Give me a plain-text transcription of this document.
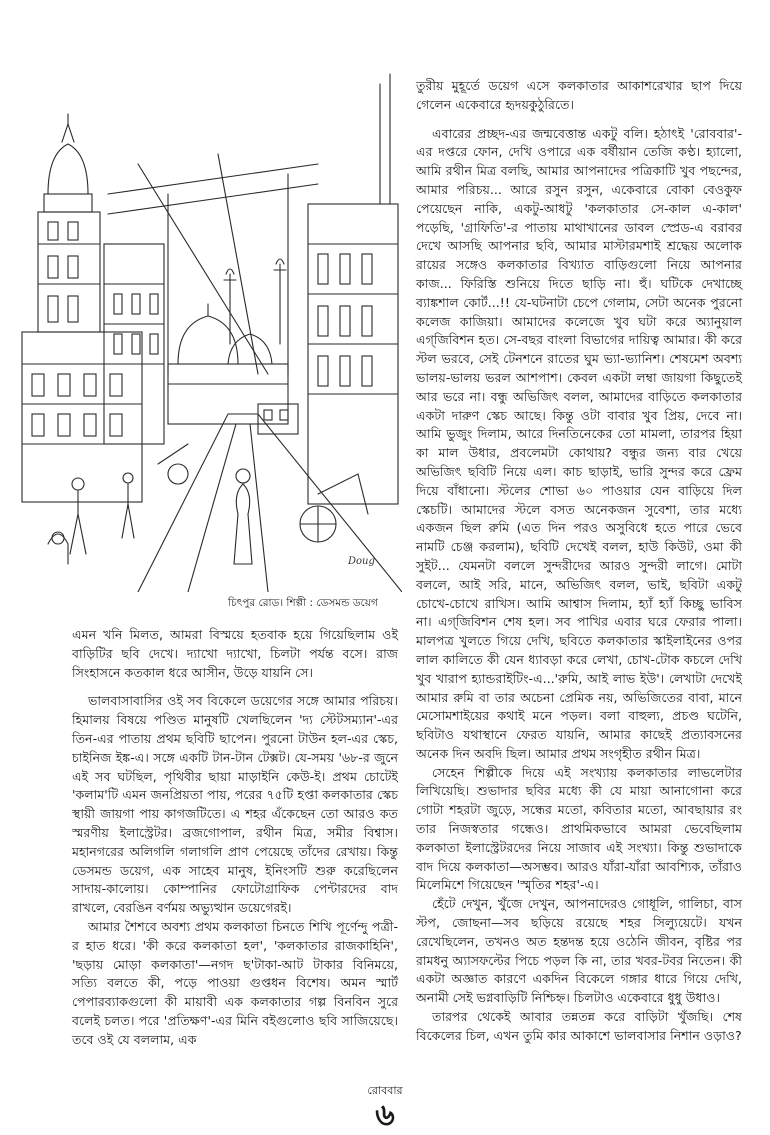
Doug
চিৎপুর রোড। শিল্পী : ডেসমন্ড ডয়েগ

এমন খনি মিলত, আমরা বিস্ময়ে হতবাক হয়ে গিয়েছিলাম ওই বাড়িটির ছবি দেখে। দ্যাখো দ্যাখো, চিলটা পর্যন্ত বসে। রাজ সিংহাসনে কতকাল ধরে আসীন, উড়ে যায়নি সে।

ভালবাসাবাসির ওই সব বিকেলে ডয়েগের সঙ্গে আমার পরিচয়। হিমালয় বিষয়ে পণ্ডিত মানুষটি খেলছিলেন 'দ্য স্টেটসম্যান'-এর তিন-এর পাতায় প্রথম ছবিটি ছাপেন। পুরনো টাউন হল-এর স্কেচ, চাইনিজ ইঙ্ক-এ। সঙ্গে একটি টান-টান টেক্সট। যে-সময় '৬৮-র জুনে এই সব ঘটছিল, পৃথিবীর ছায়া মাড়াইনি কেউ-ই। প্রথম চোটেই 'কলাম'টি এমন জনপ্রিয়তা পায়, পরের ৭৫টি হপ্তা কলকাতার স্কেচ স্থায়ী জায়গা পায় কাগজটিতে। এ শহর এঁকেছেন তো আরও কত স্মরণীয় ইলাস্ট্রেটর। ব্রজগোপাল, রথীন মিত্র, সমীর বিশ্বাস। মহানগরের অলিগলি গলাগলি প্রাণ পেয়েছে তাঁদের রেখায়। কিন্তু ডেসমন্ড ডয়েগ, এক সাহেব মানুষ, ইনিংসটি শুরু করেছিলেন সাদায়-কালোয়। কোম্পানির ফোটোগ্রাফিক পেন্টারদের বাদ রাখলে, বেরঙিন বর্ণময় অভ্যুত্থান ডয়েগেরই।

আমার শৈশবে অবশ্য প্রথম কলকাতা চিনতে শিখি পূর্ণেন্দু পত্রী-র হাত ধরে। 'কী করে কলকাতা হল', 'কলকাতার রাজকাহিনি', 'ছড়ায় মোড়া কলকাতা'—নগদ ছ'টাকা-আট টাকার বিনিময়ে, সত্যি বলতে কী, পড়ে পাওয়া গুপ্তধন বিশেষ। অমন স্মার্ট পেপারব্যাকগুলো কী মায়াবী এক কলকাতার গল্প বিনবিন সুরে বলেই চলত। পরে 'প্রতিক্ষণ'-এর মিনি বইগুলোও ছবি সাজিয়েছে। তবে ওই যে বললাম, এক

তুরীয় মুহূর্তে ডয়েগ এসে কলকাতার আকাশরেখার ছাপ দিয়ে গেলেন একেবারে হৃদয়কুঠুরিতে।

এবারের প্রচ্ছদ-এর জন্মবেত্তান্ত একটু বলি। হঠাৎই 'রোববার'-এর দপ্তরে ফোন, দেখি ওপারে এক বর্ষীয়ান তেজি কণ্ঠ। হ্যালো, আমি রথীন মিত্র বলছি, আমার আপনাদের পত্রিকাটি খুব পছন্দের, আমার পরিচয়... আরে রসুন রসুন, একেবারে বোকা বেওকুফ পেয়েছেন নাকি, একটু-আধটু 'কলকাতার সে-কাল এ-কাল' পড়েছি, 'গ্রাফিতি'-র পাতায় মাথাখানের ডাবল স্প্রেড-এ বরাবর দেখে আসছি আপনার ছবি, আমার মাস্টারমশাই শ্রদ্ধেয় অলোক রায়ের সঙ্গেও কলকাতার বিখ্যাত বাড়িগুলো নিয়ে আপনার কাজ... ফিরিস্তি শুনিয়ে দিতে ছাড়ি না। হুঁ। ঘটিকে দেখাচ্ছে ব্যাঙ্কশাল কোর্ট...!! যে-ঘটনাটা চেপে গেলাম, সেটা অনেক পুরনো কলেজ কাজিয়া। আমাদের কলেজে খুব ঘটা করে অ্যানুয়াল এগ্‌জিবিশন হত। সে-বছর বাংলা বিভাগের দায়িত্ব আমার। কী করে স্টল ভরবে, সেই টেনশনে রাতের ঘুম ভ্যা-ভ্যানিশ। শেষমেশ অবশ্য ভালয়-ভালয় ভরল আশপাশ। কেবল একটা লম্বা জায়গা কিছুতেই আর ভরে না। বন্ধু অভিজিৎ বলল, আমাদের বাড়িতে কলকাতার একটা দারুণ স্কেচ আছে। কিন্তু ওটা বাবার খুব প্রিয়, দেবে না। আমি ভুজুং দিলাম, আরে দিনতিনেকের তো মামলা, তারপর হিয়া কা মাল উধার, প্রবলেমটা কোথায়? বন্ধুর জন্য বার খেয়ে অভিজিৎ ছবিটি নিয়ে এল। কাচ ছাড়াই, ভারি সুন্দর করে ফ্রেম দিয়ে বাঁধানো। স্টলের শোভা ৬০ পাওয়ার যেন বাড়িয়ে দিল স্কেচটি। আমাদের স্টলে বসত অনেকজন সুবেশা, তার মধ্যে একজন ছিল রুমি (এত দিন পরও অসুবিধে হতে পারে ভেবে নামটি চেঞ্জ করলাম), ছবিটি দেখেই বলল, হাউ কিউট, ওমা কী সুইট... যেমনটা বললে সুন্দরীদের আরও সুন্দরী লাগে। মোটা বললে, আই সরি, মানে, অভিজিৎ বলল, ভাই, ছবিটা একটু চোখে-চোখে রাখিস। আমি আশ্বাস দিলাম, হ্যাঁ হ্যাঁ কিচ্ছু ভাবিস না। এগ্‌জিবিশন শেষ হল। সব পাখির এবার ঘরে ফেরার পালা। মালপত্র খুলতে গিয়ে দেখি, ছবিতে কলকাতার স্কাইলাইনের ওপর লাল কালিতে কী যেন ধ্যাবড়া করে লেখা, চোখ-টোক কচলে দেখি খুব খারাপ হ্যান্ডরাইটিং-এ...'রুমি, আই লাভ ইউ'। লেখাটা দেখেই আমার রুমি বা তার অচেনা প্রেমিক নয়, অভিজিতের বাবা, মানে মেসোমশাইয়ের কথাই মনে পড়ল। বলা বাহুল্য, প্রচণ্ড ঘটেনি, ছবিটাও যথাস্থানে ফেরত যায়নি, আমার কাছেই প্রত্যাবসনের অনেক দিন অবদি ছিল। আমার প্রথম সংগৃহীত রথীন মিত্র।

সেহেন শিল্পীকে দিয়ে এই সংখ্যায় কলকাতার লাভলেটার লিখিয়েছি। শুভাদার ছবির মধ্যে কী যে মায়া আনাগোনা করে গোটা শহরটা জুড়ে, সন্ধের মতো, কবিতার মতো, আবছায়ার রং তার নিজস্বতার গন্ধেও। প্রাথমিকভাবে আমরা ভেবেছিলাম কলকাতা ইলাস্ট্রেটরদের নিয়ে সাজাব এই সংখ্যা। কিন্তু শুভাদাকে বাদ দিয়ে কলকাতা—অসম্ভব। আরও যাঁরা-যাঁরা আবশ্যিক, তাঁরাও মিলেমিশে গিয়েছেন 'স্মৃতির শহর'-এ।

হেঁটে দেখুন, খুঁজে দেখুন, আপনাদেরও গোধূলি, গালিচা, বাস স্টপ, জোছনা—সব ছড়িয়ে রয়েছে শহর সিল্যুয়েটে। যখন রেখেছিলেন, তখনও অত হন্তদন্ত হয়ে ওঠেনি জীবন, বৃষ্টির পর রামধনু অ্যাসফল্টের পিচে পড়ল কি না, তার খবর-টবর নিতেন। কী একটা অজ্ঞাত কারণে একদিন বিকেলে গঙ্গার ধারে গিয়ে দেখি, অনামী সেই ভগ্নবাড়িটি নিশ্চিহ্ন। চিলটাও একেবারে ধুধু উধাও।

তারপর থেকেই আবার তন্নতন্ন করে বাড়িটা খুঁজছি। শেষ বিকেলের চিল, এখন তুমি কার আকাশে ভালবাসার নিশান ওড়াও?

রোববার
৬
